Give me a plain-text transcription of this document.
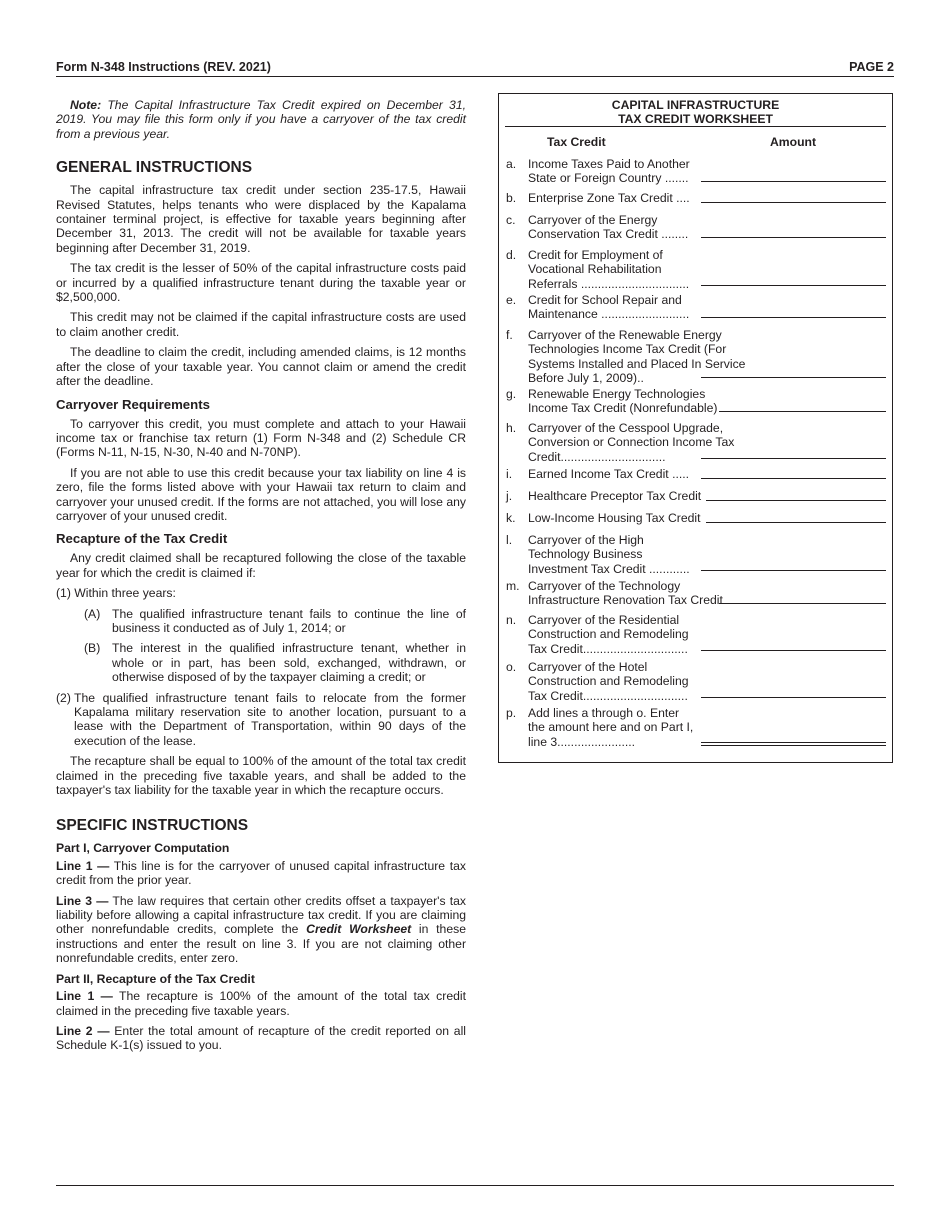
Form N-348 Instructions (REV. 2021)	PAGE 2

Note: The Capital Infrastructure Tax Credit expired on December 31, 2019. You may file this form only if you have a carryover of the tax credit from a previous year.

GENERAL INSTRUCTIONS

The capital infrastructure tax credit under section 235-17.5, Hawaii Revised Statutes, helps tenants who were displaced by the Kapalama container terminal project, is effective for taxable years beginning after December 31, 2013. The credit will not be available for taxable years beginning after December 31, 2019.

The tax credit is the lesser of 50% of the capital infrastructure costs paid or incurred by a qualified infrastructure tenant during the taxable year or $2,500,000.

This credit may not be claimed if the capital infrastructure costs are used to claim another credit.

The deadline to claim the credit, including amended claims, is 12 months after the close of your taxable year. You cannot claim or amend the credit after the deadline.

Carryover Requirements

To carryover this credit, you must complete and attach to your Hawaii income tax or franchise tax return (1) Form N-348 and (2) Schedule CR (Forms N-11, N-15, N-30, N-40 and N-70NP).

If you are not able to use this credit because your tax liability on line 4 is zero, file the forms listed above with your Hawaii tax return to claim and carryover your unused credit. If the forms are not attached, you will lose any carryover of your unused credit.

Recapture of the Tax Credit

Any credit claimed shall be recaptured following the close of the taxable year for which the credit is claimed if:

(1) Within three years:

(A) The qualified infrastructure tenant fails to continue the line of business it conducted as of July 1, 2014; or
(B) The interest in the qualified infrastructure tenant, whether in whole or in part, has been sold, exchanged, withdrawn, or otherwise disposed of by the taxpayer claiming a credit; or
(2) The qualified infrastructure tenant fails to relocate from the former Kapalama military reservation site to another location, pursuant to a lease with the Department of Transportation, within 90 days of the execution of the lease.

The recapture shall be equal to 100% of the amount of the total tax credit claimed in the preceding five taxable years, and shall be added to the taxpayer's tax liability for the taxable year in which the recapture occurs.

SPECIFIC INSTRUCTIONS
Part I, Carryover Computation

Line 1 — This line is for the carryover of unused capital infrastructure tax credit from the prior year.

Line 3 — The law requires that certain other credits offset a taxpayer's tax liability before allowing a capital infrastructure tax credit. If you are claiming other nonrefundable credits, complete the Credit Worksheet in these instructions and enter the result on line 3. If you are not claiming other nonrefundable credits, enter zero.

Part II, Recapture of the Tax Credit

Line 1 — The recapture is 100% of the amount of the total tax credit claimed in the preceding five taxable years.

Line 2 — Enter the total amount of recapture of the credit reported on all Schedule K-1(s) issued to you.

CAPITAL INFRASTRUCTURE
TAX CREDIT WORKSHEET
Tax Credit	Amount
a. Income Taxes Paid to Another State or Foreign Country .......
b. Enterprise Zone Tax Credit ....
c. Carryover of the Energy Conservation Tax Credit ........
d. Credit for Employment of Vocational Rehabilitation Referrals ................................
e. Credit for School Repair and Maintenance ..........................
f. Carryover of the Renewable Energy Technologies Income Tax Credit (For Systems Installed and Placed In Service Before July 1, 2009)..
g. Renewable Energy Technologies Income Tax Credit (Nonrefundable)
h. Carryover of the Cesspool Upgrade, Conversion or Connection Income Tax Credit...............................
i. Earned Income Tax Credit .....
j. Healthcare Preceptor Tax Credit
k. Low-Income Housing Tax Credit
l. Carryover of the High Technology Business Investment Tax Credit ............
m. Carryover of the Technology Infrastructure Renovation Tax Credit
n. Carryover of the Residential Construction and Remodeling Tax Credit...............................
o. Carryover of the Hotel Construction and Remodeling Tax Credit...............................
p. Add lines a through o. Enter the amount here and on Part I, line 3.......................
